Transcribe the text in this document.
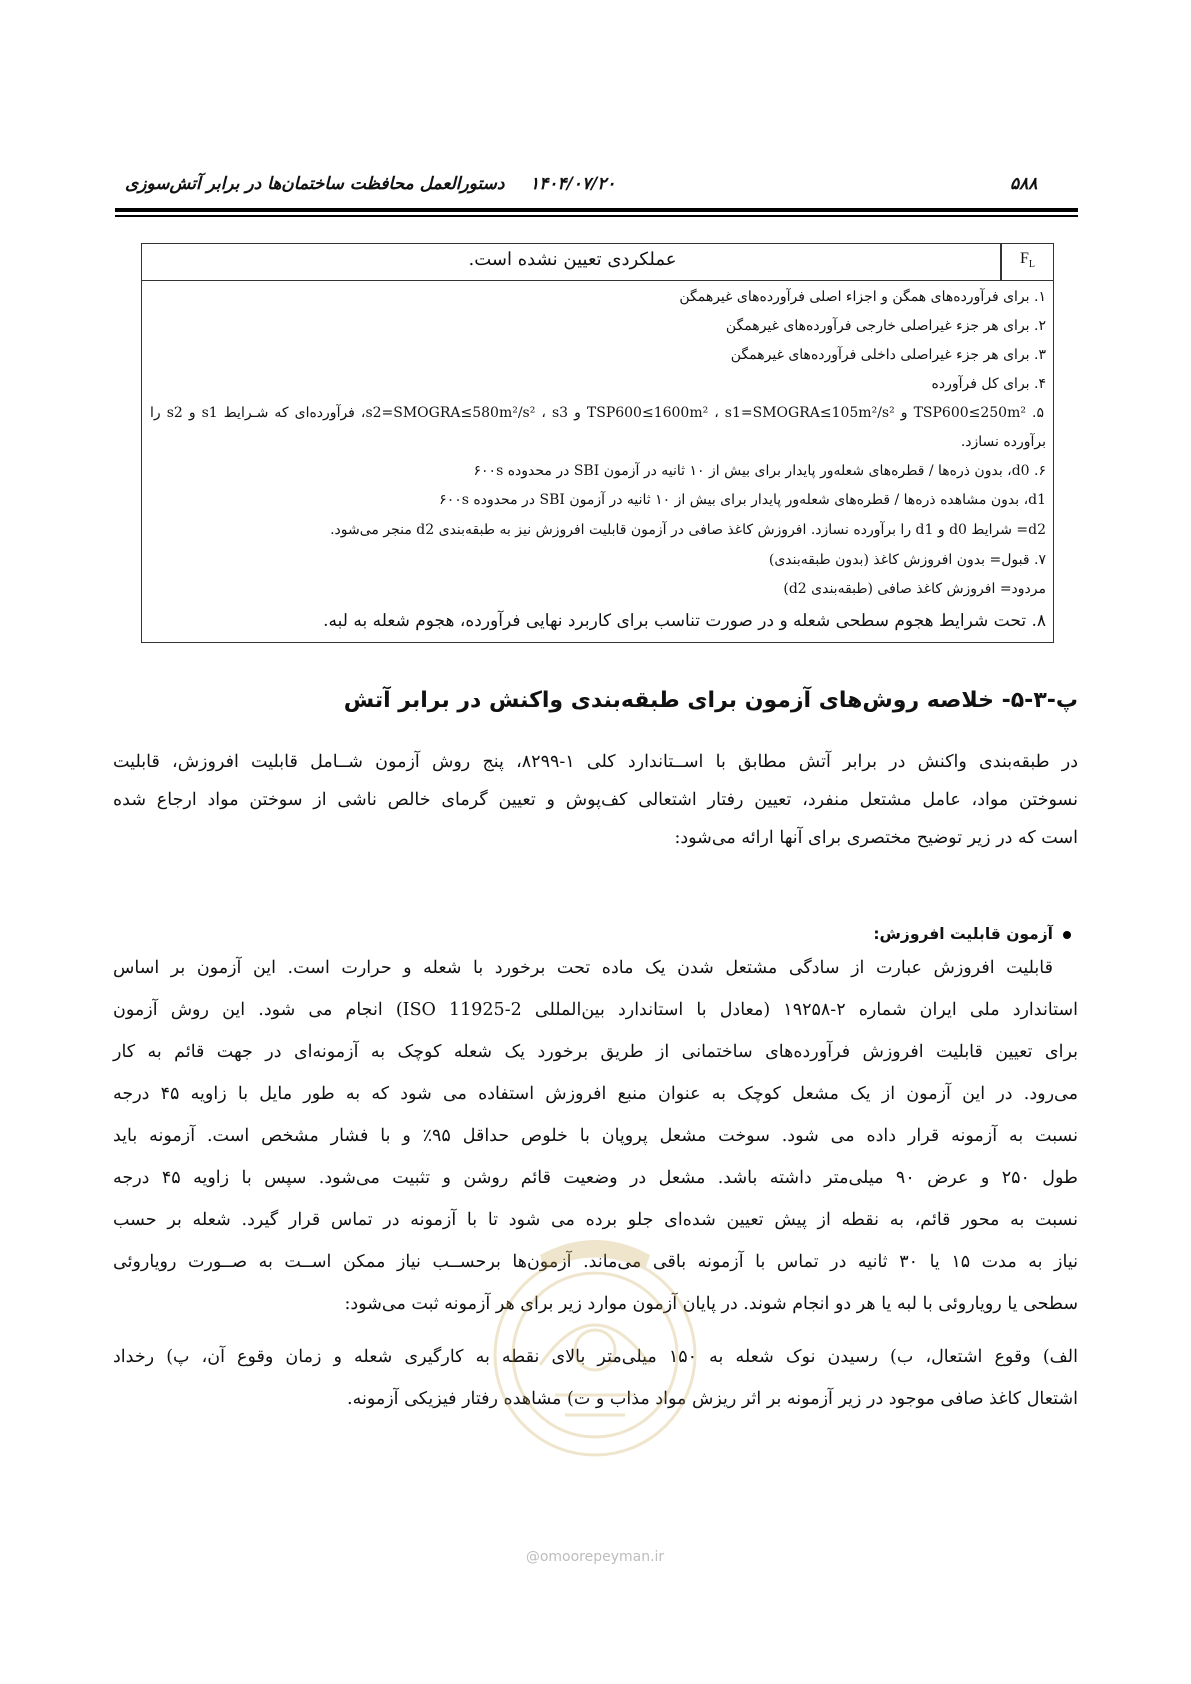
۵۸۸
۱۴۰۴/۰۷/۲۰
دستورالعمل محافظت ساختمان‌ها در برابر آتش‌سوزی
$F_L$
عملکردی تعیین نشده است.
۱. برای فرآورده‌های همگن و اجزاء اصلی فرآورده‌های غیرهمگن
۲. برای هر جزء غیراصلی خارجی فرآورده‌های غیرهمگن
۳. برای هر جزء غیراصلی داخلی فرآورده‌های غیرهمگن
۴. برای کل فرآورده
۵. TSP600≤250m² و TSP600≤1600m² ، s1=SMOGRA≤105m²/s² و s2=SMOGRA≤580m²/s² ، s3، فرآورده‌ای که شـرایط s1 و s2 را
برآورده نسازد.
۶. d0، بدون ذره‌ها / قطره‌های شعله‌ور پایدار برای بیش از ۱۰ ثانیه در آزمون SBI در محدوده ۶۰۰s
d1، بدون مشاهده ذره‌ها / قطره‌های شعله‌ور پایدار برای بیش از ۱۰ ثانیه در آزمون SBI در محدوده ۶۰۰s
d2= شرایط d0 و d1 را برآورده نسازد. افروزش کاغذ صافی در آزمون قابلیت افروزش نیز به طبقه‌بندی d2 منجر می‌شود.
۷. قبول= بدون افروزش کاغذ (بدون طبقه‌بندی)
مردود= افروزش کاغذ صافی (طبقه‌بندی d2)
۸. تحت شرایط هجوم سطحی شعله و در صورت تناسب برای کاربرد نهایی فرآورده، هجوم شعله به لبه.
پ-۳-۵- خلاصه روش‌های آزمون برای طبقه‌بندی واکنش در برابر آتش
در طبقه‌بندی واکنش در برابر آتش مطابق با اســتاندارد کلی ۱-۸۲۹۹، پنج روش آزمون شــامل قابلیت افروزش، قابلیت
نسوختن مواد، عامل مشتعل منفرد، تعیین رفتار اشتعالی کف‌پوش و تعیین گرمای خالص ناشی از سوختن مواد ارجاع شده
است که در زیر توضیح مختصری برای آنها ارائه می‌شود:
آزمون قابلیت افروزش:
قابلیت افروزش عبارت از سادگی مشتعل شدن یک ماده تحت برخورد با شعله و حرارت است. این آزمون بر اساس
استاندارد ملی ایران شماره ۲-۱۹۲۵۸ (معادل با استاندارد بین‌المللی ISO 11925-2) انجام می شود. این روش آزمون
برای تعیین قابلیت افروزش فرآورده‌های ساختمانی از طریق برخورد یک شعله کوچک به آزمونه‌ای در جهت قائم به کار
می‌رود. در این آزمون از یک مشعل کوچک به عنوان منبع افروزش استفاده می شود که به طور مایل با زاویه ۴۵ درجه
نسبت به آزمونه قرار داده می شود. سوخت مشعل پروپان با خلوص حداقل ۹۵٪ و با فشار مشخص است. آزمونه باید
طول ۲۵۰ و عرض ۹۰ میلی‌متر داشته باشد. مشعل در وضعیت قائم روشن و تثبیت می‌شود. سپس با زاویه ۴۵ درجه
نسبت به محور قائم، به نقطه از پیش تعیین شده‌ای جلو برده می شود تا با آزمونه در تماس قرار گیرد. شعله بر حسب
نیاز به مدت ۱۵ یا ۳۰ ثانیه در تماس با آزمونه باقی می‌ماند. آزمون‌ها برحســب نیاز ممکن اســت به صــورت رویاروئی
سطحی یا رویاروئی با لبه یا هر دو انجام شوند. در پایان آزمون موارد زیر برای هر آزمونه ثبت می‌شود:
الف) وقوع اشتعال، ب) رسیدن نوک شعله به ۱۵۰ میلی‌متر بالای نقطه به کارگیری شعله و زمان وقوع آن، پ) رخداد
اشتعال کاغذ صافی موجود در زیر آزمونه بر اثر ریزش مواد مذاب و ت) مشاهده رفتار فیزیکی آزمونه.
@omoorepeyman.ir
